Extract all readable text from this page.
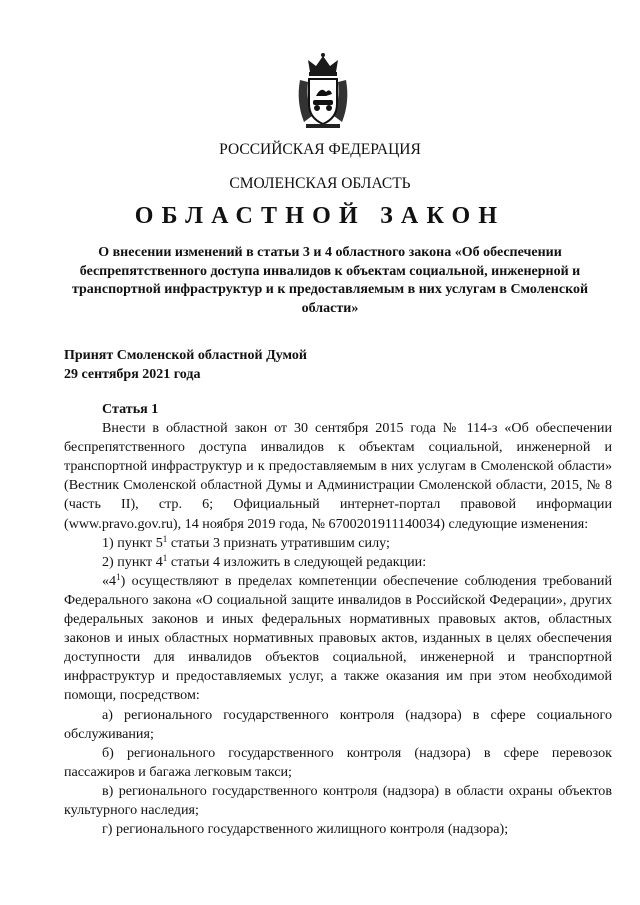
РОССИЙСКАЯ ФЕДЕРАЦИЯ
СМОЛЕНСКАЯ ОБЛАСТЬ
ОБЛАСТНОЙ ЗАКОН
О внесении изменений в статьи 3 и 4 областного закона «Об обеспечении беспрепятственного доступа инвалидов к объектам социальной, инженерной и транспортной инфраструктур и к предоставляемым в них услугам в Смоленской области»
Принят Смоленской областной Думой
29 сентября 2021 года

Статья 1

Внести в областной закон от 30 сентября 2015 года № 114-з «Об обеспечении беспрепятственного доступа инвалидов к объектам социальной, инженерной и транспортной инфраструктур и к предоставляемым в них услугам в Смоленской области» (Вестник Смоленской областной Думы и Администрации Смоленской области, 2015, № 8 (часть II), стр. 6; Официальный интернет-портал правовой информации (www.pravo.gov.ru), 14 ноября 2019 года, № 6700201911140034) следующие изменения:

1) пункт $5^1$ статьи 3 признать утратившим силу;

2) пункт $4^1$ статьи 4 изложить в следующей редакции:

«$4^1$) осуществляют в пределах компетенции обеспечение соблюдения требований Федерального закона «О социальной защите инвалидов в Российской Федерации», других федеральных законов и иных федеральных нормативных правовых актов, областных законов и иных областных нормативных правовых актов, изданных в целях обеспечения доступности для инвалидов объектов социальной, инженерной и транспортной инфраструктур и предоставляемых услуг, а также оказания им при этом необходимой помощи, посредством:

а) регионального государственного контроля (надзора) в сфере социального обслуживания;

б) регионального государственного контроля (надзора) в сфере перевозок пассажиров и багажа легковым такси;

в) регионального государственного контроля (надзора) в области охраны объектов культурного наследия;

г) регионального государственного жилищного контроля (надзора);
